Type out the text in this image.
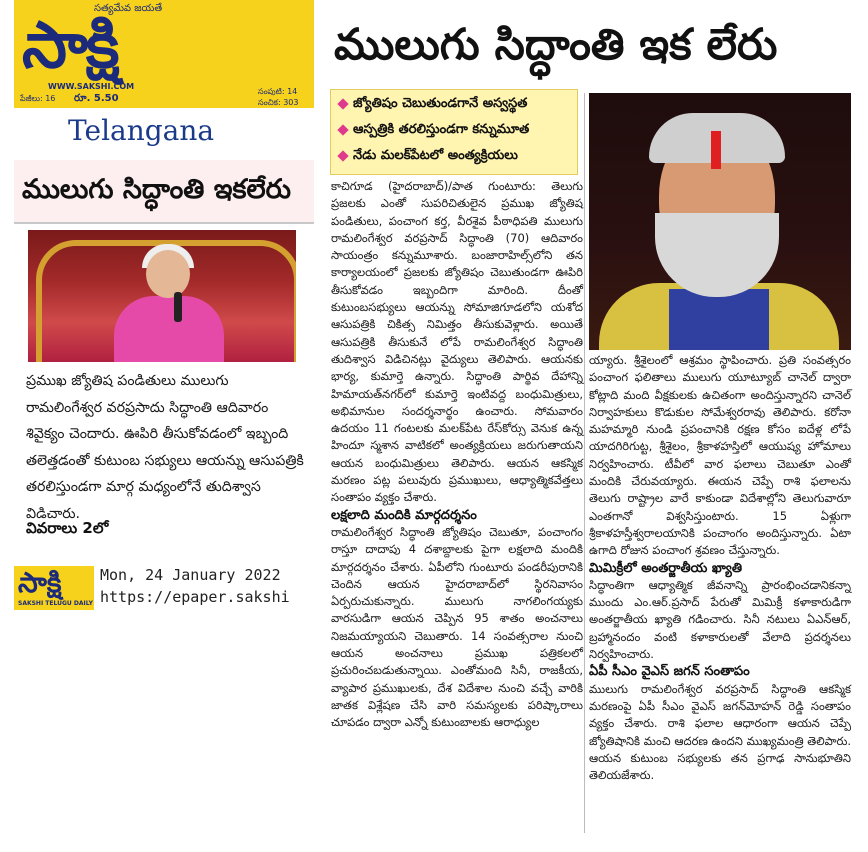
సత్యమేవ జయతే
సాక్షి
WWW.SAKSHI.COM
పేజీలు: 16 రూ. 5.50
సంపుటి: 14
సంచిక: 303
Telangana
ములుగు సిద్ధాంతి ఇకలేరు
ప్రముఖ జ్యోతిష పండితులు ములుగు రామలింగేశ్వర వరప్రసాదు సిద్ధాంతి ఆదివారం శివైక్యం చెందారు. ఊపిరి తీసుకోవడంలో ఇబ్బంది తలెత్తడంతో కుటుంబ సభ్యులు ఆయన్ను ఆసుపత్రికి తరలిస్తుండగా మార్గ మధ్యంలోనే తుదిశ్వాస విడిచారు.
వివరాలు 2లో
సాక్షి
SAKSHI TELUGU DAILY
Mon, 24 January 2022
https://epaper.sakshi
ములుగు సిద్ధాంతి ఇక లేరు
జ్యోతిషం చెబుతుండగానే అస్వస్థత
ఆస్పత్రికి తరలిస్తుండగా కన్నుమూత
నేడు మలక్‌పేటలో అంత్యక్రియలు

కాచిగూడ (హైదరాబాద్)/పాత గుంటూరు: తెలుగు ప్రజలకు ఎంతో సుపరిచితులైన ప్రముఖ జ్యోతిష పండితులు, పంచాంగ కర్త, వీరశైవ పీఠాధిపతి ములుగు రామలింగేశ్వర వరప్రసాద్ సిద్ధాంతి (70) ఆదివారం సాయంత్రం కన్నుమూశారు. బంజారాహిల్స్‌లోని తన కార్యాలయంలో ప్రజలకు జ్యోతిషం చెబుతుండగా ఊపిరి తీసుకోవడం ఇబ్బందిగా మారింది. దీంతో కుటుంబసభ్యులు ఆయన్ను సోమాజిగూడలోని యశోద ఆసుపత్రికి చికిత్స నిమిత్తం తీసుకువెళ్లారు. అయితే ఆసుపత్రికి తీసుకునే లోపే రామలింగేశ్వర సిద్ధాంతి తుదిశ్వాస విడిచినట్లు వైద్యులు తెలిపారు. ఆయనకు భార్య, కుమార్తె ఉన్నారు. సిద్ధాంతి పార్థివ దేహాన్ని హిమాయత్‌నగర్‌లో కుమార్తె ఇంటివద్ద బంధుమిత్రులు, అభిమానుల సందర్శనార్థం ఉంచారు. సోమవారం ఉదయం 11 గంటలకు మలక్‌పేట రేస్‌కోర్సు వెనుక ఉన్న హిందూ స్మశాన వాటికలో అంత్యక్రియలు జరుగుతాయని ఆయన బంధుమిత్రులు తెలిపారు. ఆయన ఆకస్మిక మరణం పట్ల పలువురు ప్రముఖులు, ఆధ్యాత్మికవేత్తలు సంతాపం వ్యక్తం చేశారు.

లక్షలాది మందికి మార్గదర్శనం

రామలింగేశ్వర సిద్ధాంతి జ్యోతిషం చెబుతూ, పంచాంగం రాస్తూ దాదాపు 4 దశాబ్దాలకు పైగా లక్షలాది మందికి మార్గదర్శనం చేశారు. ఏపీలోని గుంటూరు పండరీపురానికి చెందిన ఆయన హైదరాబాద్‌లో స్థిరనివాసం ఏర్పరుచుకున్నారు. ములుగు నాగలింగయ్యకు వారసుడిగా ఆయన చెప్పిన 95 శాతం అంచనాలు నిజమయ్యాయని చెబుతారు. 14 సంవత్సరాల నుంచి ఆయన అంచనాలు ప్రముఖ పత్రికలలో ప్రచురించబడుతున్నాయి. ఎంతోమంది సినీ, రాజకీయ, వ్యాపార ప్రముఖులకు, దేశ విదేశాల నుంచి వచ్చే వారికి జాతక విశ్లేషణ చేసి వారి సమస్యలకు పరిష్కారాలు చూపడం ద్వారా ఎన్నో కుటుంబాలకు ఆరాధ్యుల

య్యారు. శ్రీశైలంలో ఆశ్రమం స్థాపించారు. ప్రతి సంవత్సరం పంచాంగ ఫలితాలు ములుగు యూట్యూబ్ చానెల్ ద్వారా కోట్లాది మంది వీక్షకులకు ఉచితంగా అందిస్తున్నారని చానెల్ నిర్వాహకులు కొడుకుల సోమేశ్వరరావు తెలిపారు. కరోనా మహమ్మారి నుండి ప్రపంచానికి రక్షణ కోసం ఐదేళ్ల లోపే యాదగిరిగుట్ట, శ్రీశైలం, శ్రీకాళహస్తిలో ఆయుష్య హోమాలు నిర్వహించారు. టీవీలో వార ఫలాలు చెబుతూ ఎంతో మందికి చేరువయ్యారు. ఈయన చెప్పే రాశి ఫలాలను తెలుగు రాష్ట్రాల వారే కాకుండా విదేశాల్లోని తెలుగువారూ ఎంతగానో విశ్వసిస్తుంటారు. 15 ఏళ్లుగా శ్రీకాళహస్తీశ్వరాలయానికి పంచాంగం అందిస్తున్నారు. ఏటా ఉగాది రోజున పంచాంగ శ్రవణం చేస్తున్నారు.

మిమిక్రీలో అంతర్జాతీయ ఖ్యాతి

సిద్ధాంతిగా ఆధ్యాత్మిక జీవనాన్ని ప్రారంభించడానికన్నా ముందు ఎం.ఆర్.ప్రసాద్ పేరుతో మిమిక్రీ కళాకారుడిగా అంతర్జాతీయ ఖ్యాతి గడించారు. సినీ నటులు ఏఎన్ఆర్, బ్రహ్మానందం వంటి కళాకారులతో వేలాది ప్రదర్శనలు నిర్వహించారు.

ఏపీ సీఎం వైఎస్ జగన్ సంతాపం

ములుగు రామలింగేశ్వర వరప్రసాద్ సిద్ధాంతి ఆకస్మిక మరణంపై ఏపీ సీఎం వైఎస్ జగన్‌మోహన్ రెడ్డి సంతాపం వ్యక్తం చేశారు. రాశి ఫలాల ఆధారంగా ఆయన చెప్పే జ్యోతిషానికి మంచి ఆదరణ ఉందని ముఖ్యమంత్రి తెలిపారు. ఆయన కుటుంబ సభ్యులకు తన ప్రగాఢ సానుభూతిని తెలియజేశారు.
